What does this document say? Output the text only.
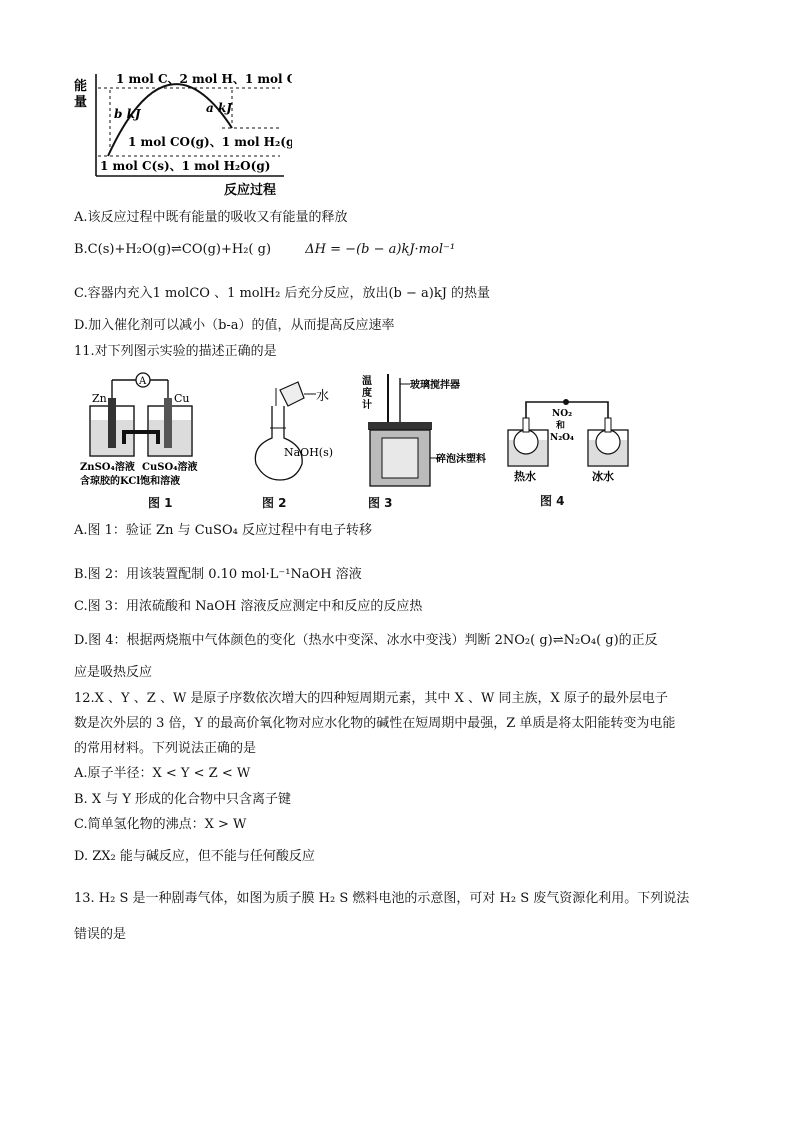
能
量
1 mol C、2 mol H、1 mol O
b kJ	a kJ
1 mol CO(g)、1 mol H₂(g)
1 mol C(s)、1 mol H₂O(g)
反应过程
A.该反应过程中既有能量的吸收又有能量的释放
B.C(s)+H₂O(g)⇌CO(g)+H₂( g)	ΔH = −(b − a)kJ·mol⁻¹
C.容器内充入1 molCO 、1 molH₂ 后充分反应，放出(b − a)kJ 的热量
D.加入催化剂可以减小（b-a）的值，从而提高反应速率
11.对下列图示实验的描述正确的是
A
Zn	Cu
ZnSO₄溶液 CuSO₄溶液
含琼胶的KCl饱和溶液
图 1
水
NaOH(s)
图 2
温
度
计
玻璃搅拌器
碎泡沫塑料
图 3
NO₂
和
N₂O₄
热水	冰水
图 4
A.图 1：验证 Zn 与 CuSO₄ 反应过程中有电子转移
B.图 2：用该装置配制 0.10 mol·L⁻¹NaOH 溶液
C.图 3：用浓硫酸和 NaOH 溶液反应测定中和反应的反应热
D.图 4：根据两烧瓶中气体颜色的变化（热水中变深、冰水中变浅）判断 2NO₂( g)⇌N₂O₄( g)的正反
应是吸热反应
12.X 、Y 、Z 、W 是原子序数依次增大的四种短周期元素，其中 X 、W 同主族，X 原子的最外层电子
数是次外层的 3 倍，Y 的最高价氧化物对应水化物的碱性在短周期中最强，Z 单质是将太阳能转变为电能
的常用材料。下列说法正确的是
A.原子半径：X < Y < Z < W
B. X 与 Y 形成的化合物中只含离子键
C.简单氢化物的沸点：X > W
D. ZX₂ 能与碱反应，但不能与任何酸反应
13. H₂ S 是一种剧毒气体，如图为质子膜 H₂ S 燃料电池的示意图，可对 H₂ S 废气资源化利用。下列说法
错误的是
